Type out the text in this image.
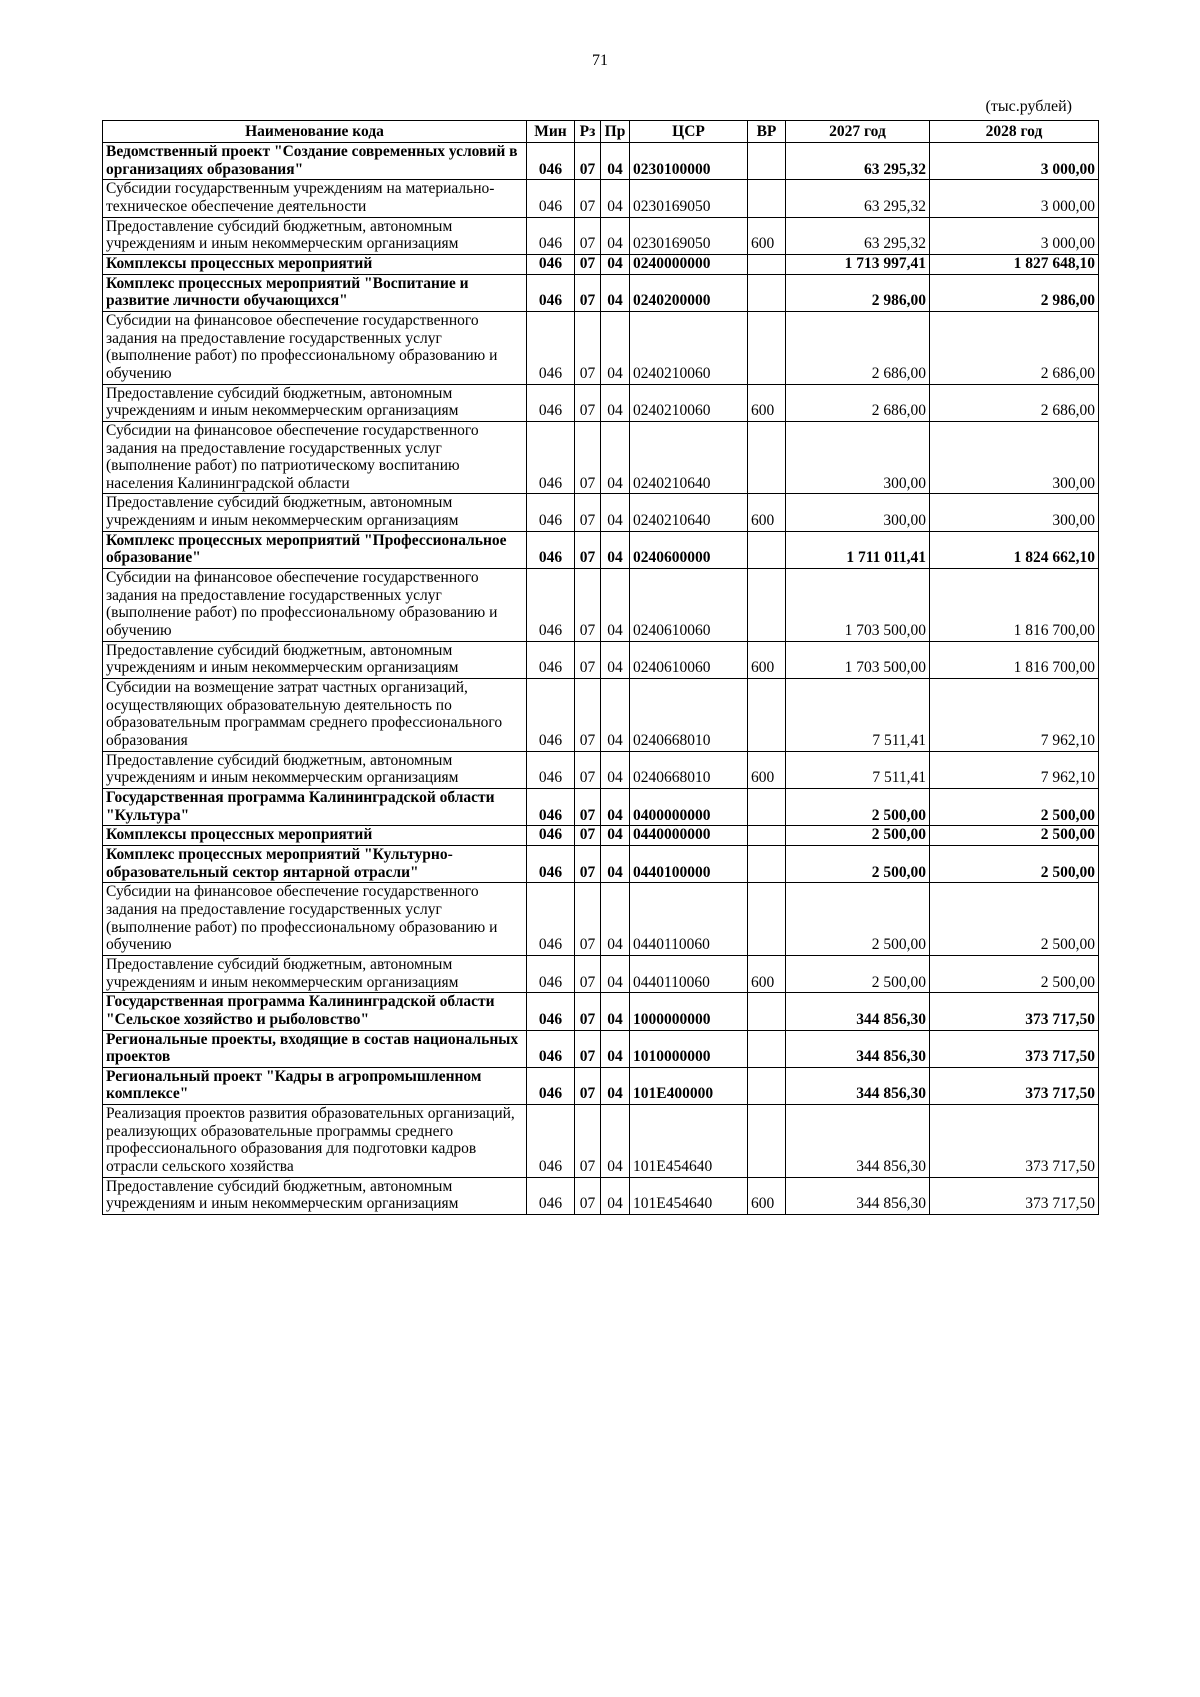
71
(тыс.рублей)
Наименование кода	Мин	Рз	Пр	ЦСР	ВР	2027 год	2028 год
Ведомственный проект "Создание современных условий в организациях образования"	046	07	04	0230100000		63 295,32	3 000,00
Субсидии государственным учреждениям на материально-техническое обеспечение деятельности	046	07	04	0230169050		63 295,32	3 000,00
Предоставление субсидий бюджетным, автономным учреждениям и иным некоммерческим организациям	046	07	04	0230169050	600	63 295,32	3 000,00
Комплексы процессных мероприятий	046	07	04	0240000000		1 713 997,41	1 827 648,10
Комплекс процессных мероприятий "Воспитание и развитие личности обучающихся"	046	07	04	0240200000		2 986,00	2 986,00
Субсидии на финансовое обеспечение государственного задания на предоставление государственных услуг (выполнение работ) по профессиональному образованию и обучению	046	07	04	0240210060		2 686,00	2 686,00
Предоставление субсидий бюджетным, автономным учреждениям и иным некоммерческим организациям	046	07	04	0240210060	600	2 686,00	2 686,00
Субсидии на финансовое обеспечение государственного задания на предоставление государственных услуг (выполнение работ) по патриотическому воспитанию населения Калининградской области	046	07	04	0240210640		300,00	300,00
Предоставление субсидий бюджетным, автономным учреждениям и иным некоммерческим организациям	046	07	04	0240210640	600	300,00	300,00
Комплекс процессных мероприятий "Профессиональное образование"	046	07	04	0240600000		1 711 011,41	1 824 662,10
Субсидии на финансовое обеспечение государственного задания на предоставление государственных услуг (выполнение работ) по профессиональному образованию и обучению	046	07	04	0240610060		1 703 500,00	1 816 700,00
Предоставление субсидий бюджетным, автономным учреждениям и иным некоммерческим организациям	046	07	04	0240610060	600	1 703 500,00	1 816 700,00
Субсидии на возмещение затрат частных организаций, осуществляющих образовательную деятельность по образовательным программам среднего профессионального образования	046	07	04	0240668010		7 511,41	7 962,10
Предоставление субсидий бюджетным, автономным учреждениям и иным некоммерческим организациям	046	07	04	0240668010	600	7 511,41	7 962,10
Государственная программа Калининградской области "Культура"	046	07	04	0400000000		2 500,00	2 500,00
Комплексы процессных мероприятий	046	07	04	0440000000		2 500,00	2 500,00
Комплекс процессных мероприятий "Культурно-образовательный сектор янтарной отрасли"	046	07	04	0440100000		2 500,00	2 500,00
Субсидии на финансовое обеспечение государственного задания на предоставление государственных услуг (выполнение работ) по профессиональному образованию и обучению	046	07	04	0440110060		2 500,00	2 500,00
Предоставление субсидий бюджетным, автономным учреждениям и иным некоммерческим организациям	046	07	04	0440110060	600	2 500,00	2 500,00
Государственная программа Калининградской области "Сельское хозяйство и рыболовство"	046	07	04	1000000000		344 856,30	373 717,50
Региональные проекты, входящие в состав национальных проектов	046	07	04	1010000000		344 856,30	373 717,50
Региональный проект "Кадры в агропромышленном комплексе"	046	07	04	101Е400000		344 856,30	373 717,50
Реализация проектов развития образовательных организаций, реализующих образовательные программы среднего профессионального образования для подготовки кадров отрасли сельского хозяйства	046	07	04	101Е454640		344 856,30	373 717,50
Предоставление субсидий бюджетным, автономным учреждениям и иным некоммерческим организациям	046	07	04	101Е454640	600	344 856,30	373 717,50
